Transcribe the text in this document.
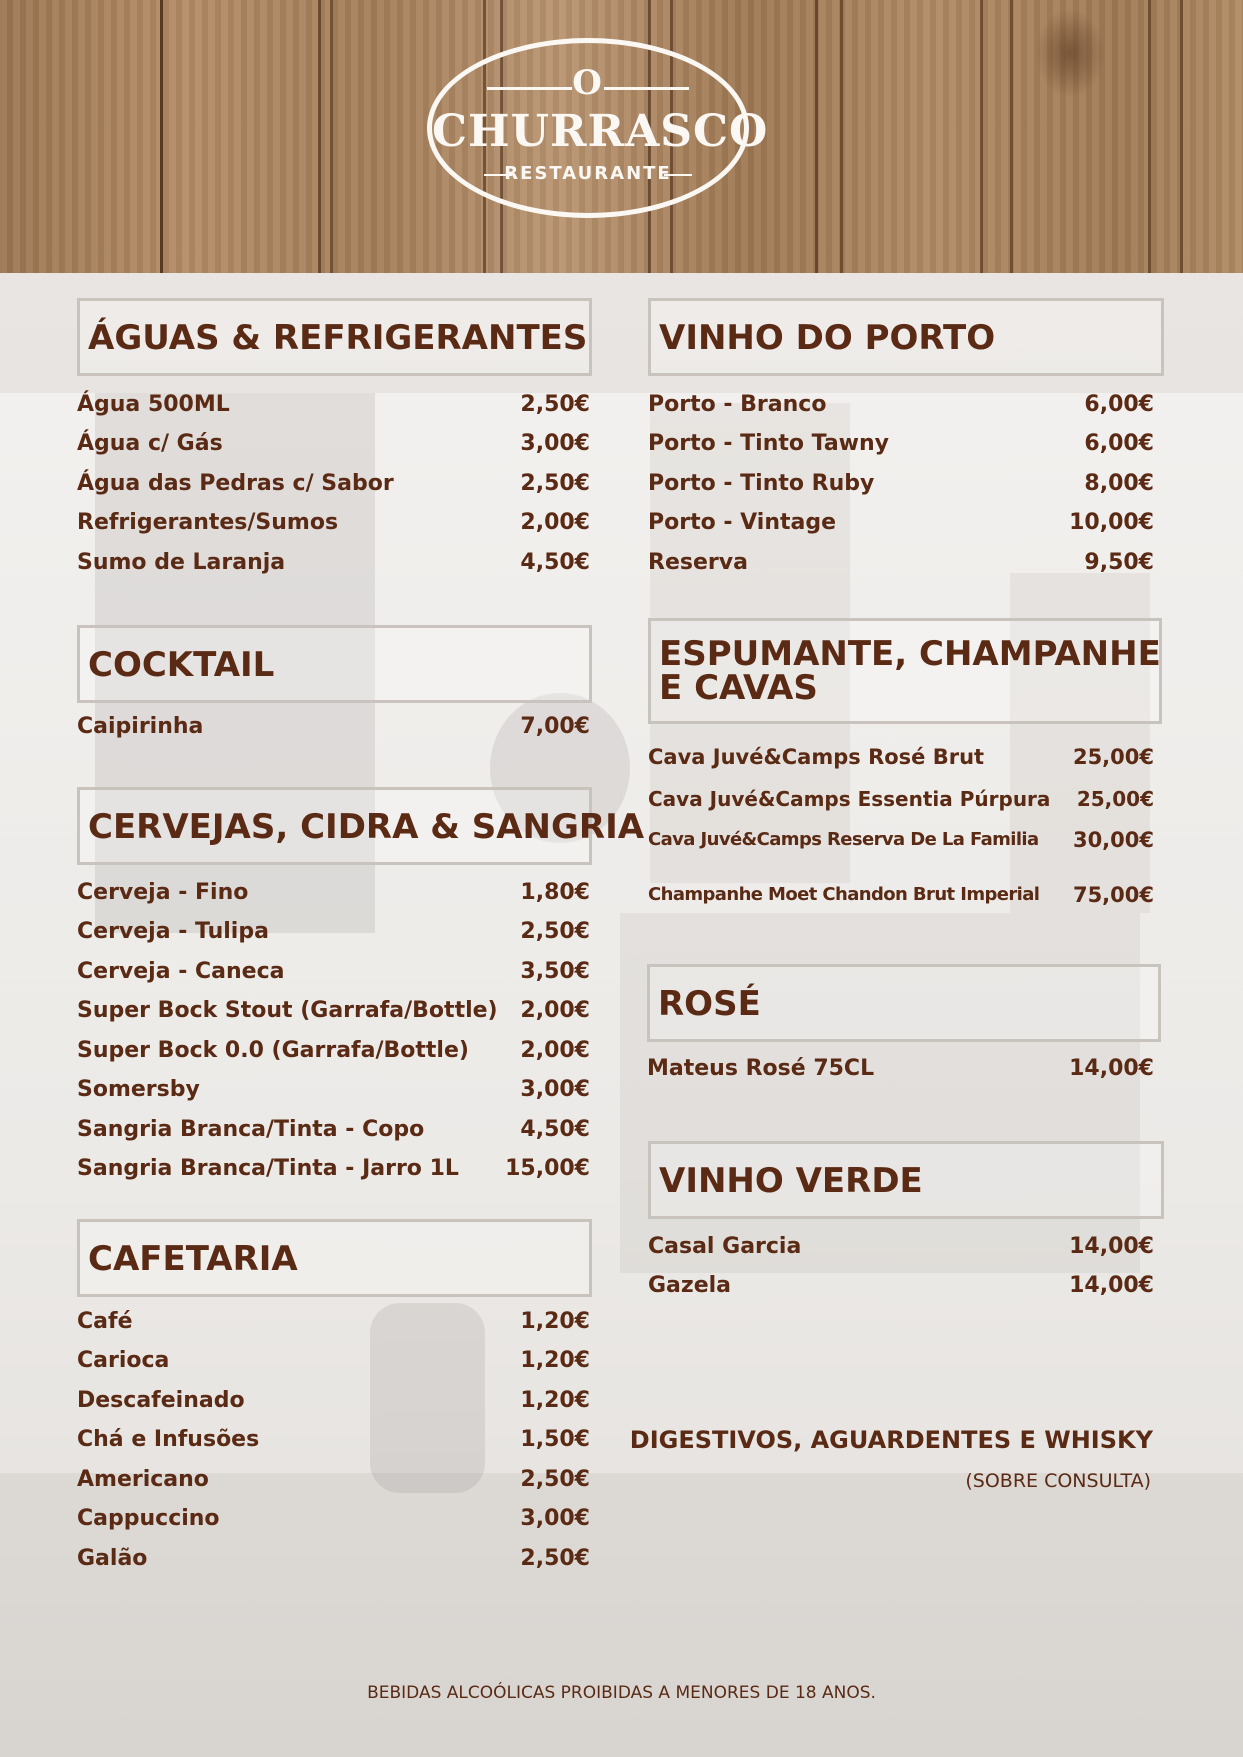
O
CHURRASCO
RESTAURANTE
ÁGUAS & REFRIGERANTES
Água 500ML	2,50€
Água c/ Gás	3,00€
Água das Pedras c/ Sabor	2,50€
Refrigerantes/Sumos	2,00€
Sumo de Laranja	4,50€
COCKTAIL
Caipirinha	7,00€
CERVEJAS, CIDRA & SANGRIA
Cerveja - Fino	1,80€
Cerveja - Tulipa	2,50€
Cerveja - Caneca	3,50€
Super Bock Stout (Garrafa/Bottle) 2,00€
Super Bock 0.0 (Garrafa/Bottle) 2,00€
Somersby	3,00€
Sangria Branca/Tinta - Copo	4,50€
Sangria Branca/Tinta - Jarro 1L 15,00€
CAFETARIA
Café	1,20€
Carioca	1,20€
Descafeinado	1,20€
Chá e Infusões	1,50€
Americano	2,50€
Cappuccino	3,00€
Galão	2,50€
VINHO DO PORTO
Porto - Branco	6,00€
Porto - Tinto Tawny	6,00€
Porto - Tinto Ruby	8,00€
Porto - Vintage	10,00€
Reserva	9,50€
ESPUMANTE, CHAMPANHE
E CAVAS
Cava Juvé&Camps Rosé Brut	25,00€
Cava Juvé&Camps Essentia Púrpura 25,00€
Cava Juvé&Camps Reserva De La Familia 30,00€
Champanhe Moet Chandon Brut Imperial 75,00€
ROSÉ
Mateus Rosé 75CL	14,00€
VINHO VERDE
Casal Garcia	14,00€
Gazela	14,00€
DIGESTIVOS, AGUARDENTES E WHISKY
(SOBRE CONSULTA)
BEBIDAS ALCOÓLICAS PROIBIDAS A MENORES DE 18 ANOS.
